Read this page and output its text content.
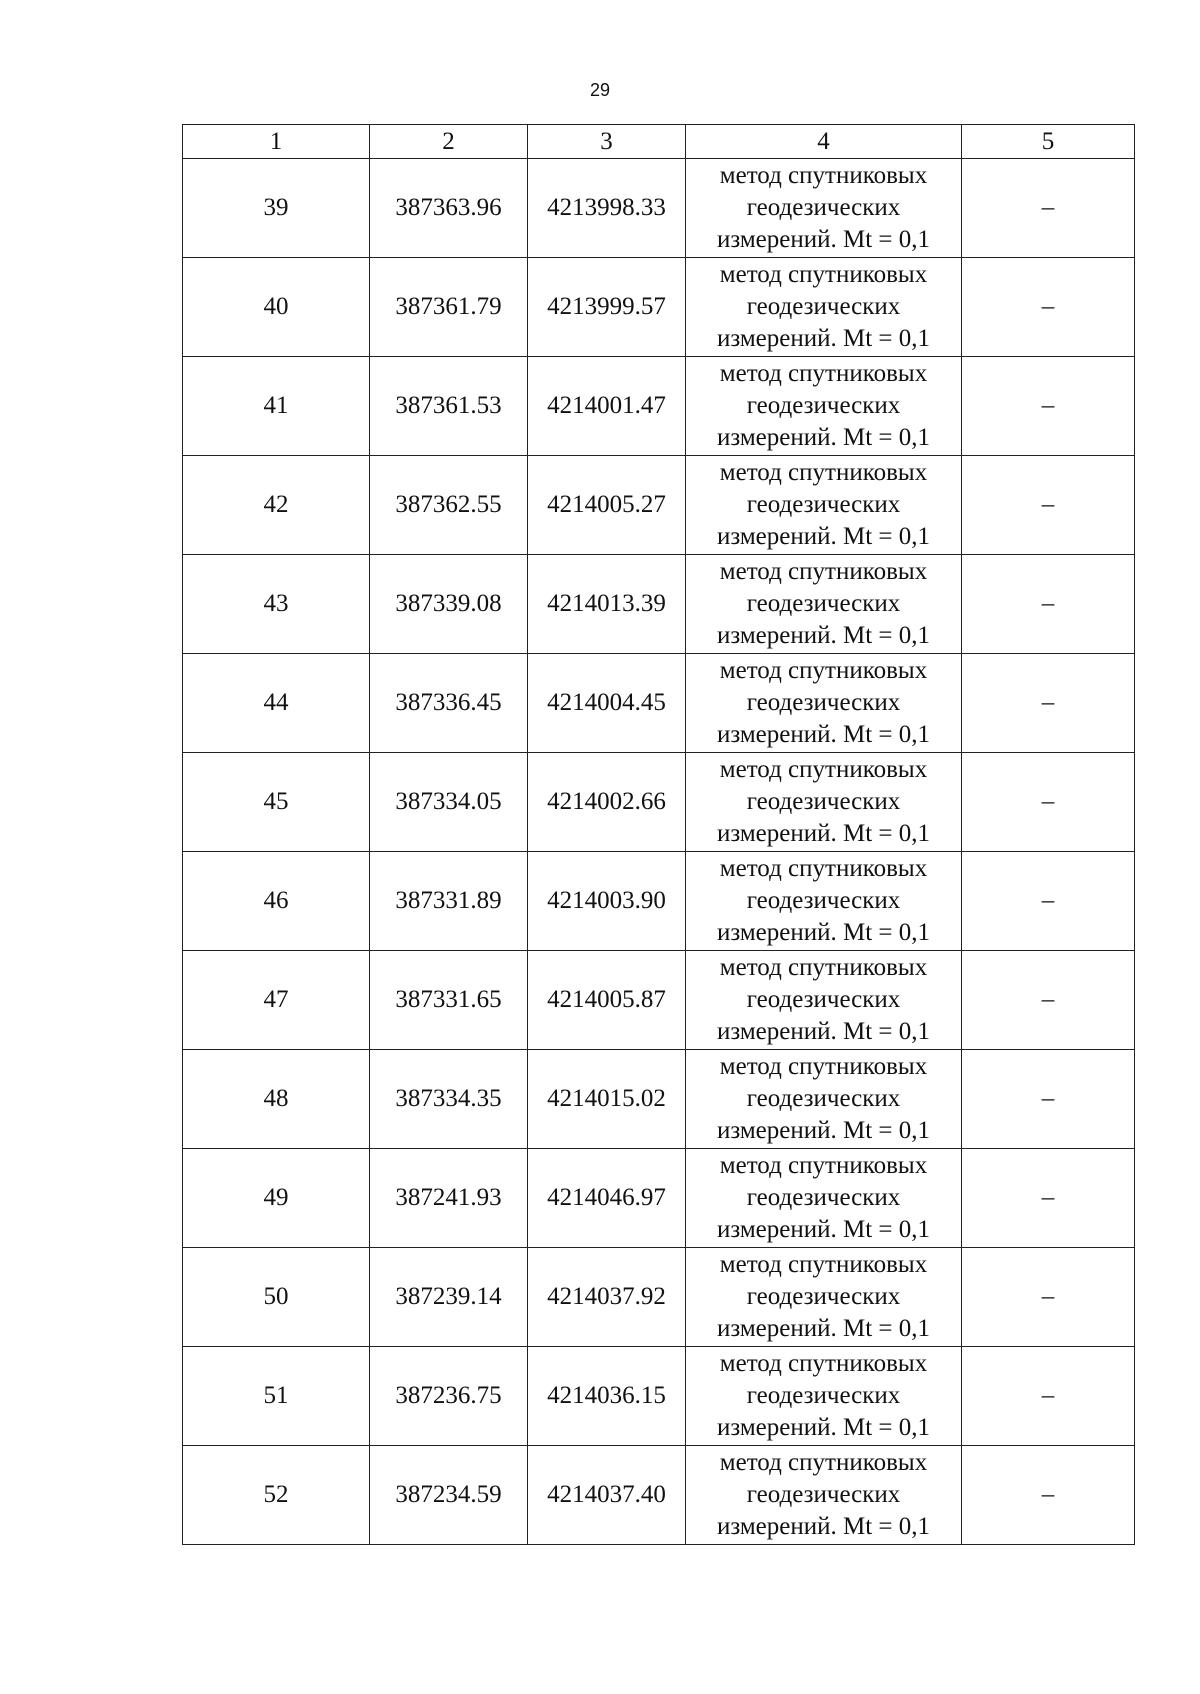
29
1	2	3	4	5
39	387363.96	4213998.33	метод спутниковых
геодезических
измерений. Mt = 0,1	–
40	387361.79	4213999.57	метод спутниковых
геодезических
измерений. Mt = 0,1	–
41	387361.53	4214001.47	метод спутниковых
геодезических
измерений. Mt = 0,1	–
42	387362.55	4214005.27	метод спутниковых
геодезических
измерений. Mt = 0,1	–
43	387339.08	4214013.39	метод спутниковых
геодезических
измерений. Mt = 0,1	–
44	387336.45	4214004.45	метод спутниковых
геодезических
измерений. Mt = 0,1	–
45	387334.05	4214002.66	метод спутниковых
геодезических
измерений. Mt = 0,1	–
46	387331.89	4214003.90	метод спутниковых
геодезических
измерений. Mt = 0,1	–
47	387331.65	4214005.87	метод спутниковых
геодезических
измерений. Mt = 0,1	–
48	387334.35	4214015.02	метод спутниковых
геодезических
измерений. Mt = 0,1	–
49	387241.93	4214046.97	метод спутниковых
геодезических
измерений. Mt = 0,1	–
50	387239.14	4214037.92	метод спутниковых
геодезических
измерений. Mt = 0,1	–
51	387236.75	4214036.15	метод спутниковых
геодезических
измерений. Mt = 0,1	–
52	387234.59	4214037.40	метод спутниковых
геодезических
измерений. Mt = 0,1	–
